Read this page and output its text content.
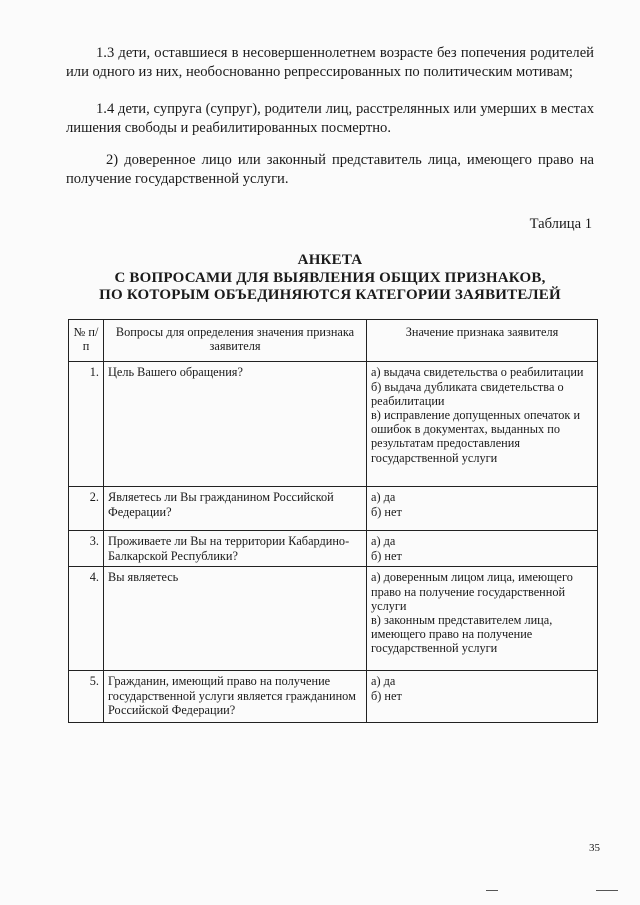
1.3 дети, оставшиеся в несовершеннолетнем возрасте без попечения родителей или одного из них, необоснованно репрессированных по политическим мотивам;

1.4 дети, супруга (супруг), родители лиц, расстрелянных или умерших в местах лишения свободы и реабилитированных посмертно.

2) доверенное лицо или законный представитель лица, имеющего право на получение государственной услуги.

Таблица 1
АНКЕТА
С ВОПРОСАМИ ДЛЯ ВЫЯВЛЕНИЯ ОБЩИХ ПРИЗНАКОВ,
ПО КОТОРЫМ ОБЪЕДИНЯЮТСЯ КАТЕГОРИИ ЗАЯВИТЕЛЕЙ
№ п/п	Вопросы для определения значения признака заявителя	Значение признака заявителя
1.	Цель Вашего обращения?	а) выдача свидетельства о реабилитации
б) выдача дубликата свидетельства о реабилитации
в) исправление допущенных опечаток и ошибок в документах, выданных по результатам предоставления государственной услуги

2.	Являетесь ли Вы гражданином Российской Федерации?	а) да
б) нет

3.	Проживаете ли Вы на территории Кабардино-Балкарской Республики?	а) да
б) нет

4.	Вы являетесь	а) доверенным лицом лица, имеющего право на получение государственной услуги
в) законным представителем лица, имеющего право на получение государственной услуги

5.	Гражданин, имеющий право на получение государственной услуги является гражданином Российской Федерации?	а) да
б) нет
35
